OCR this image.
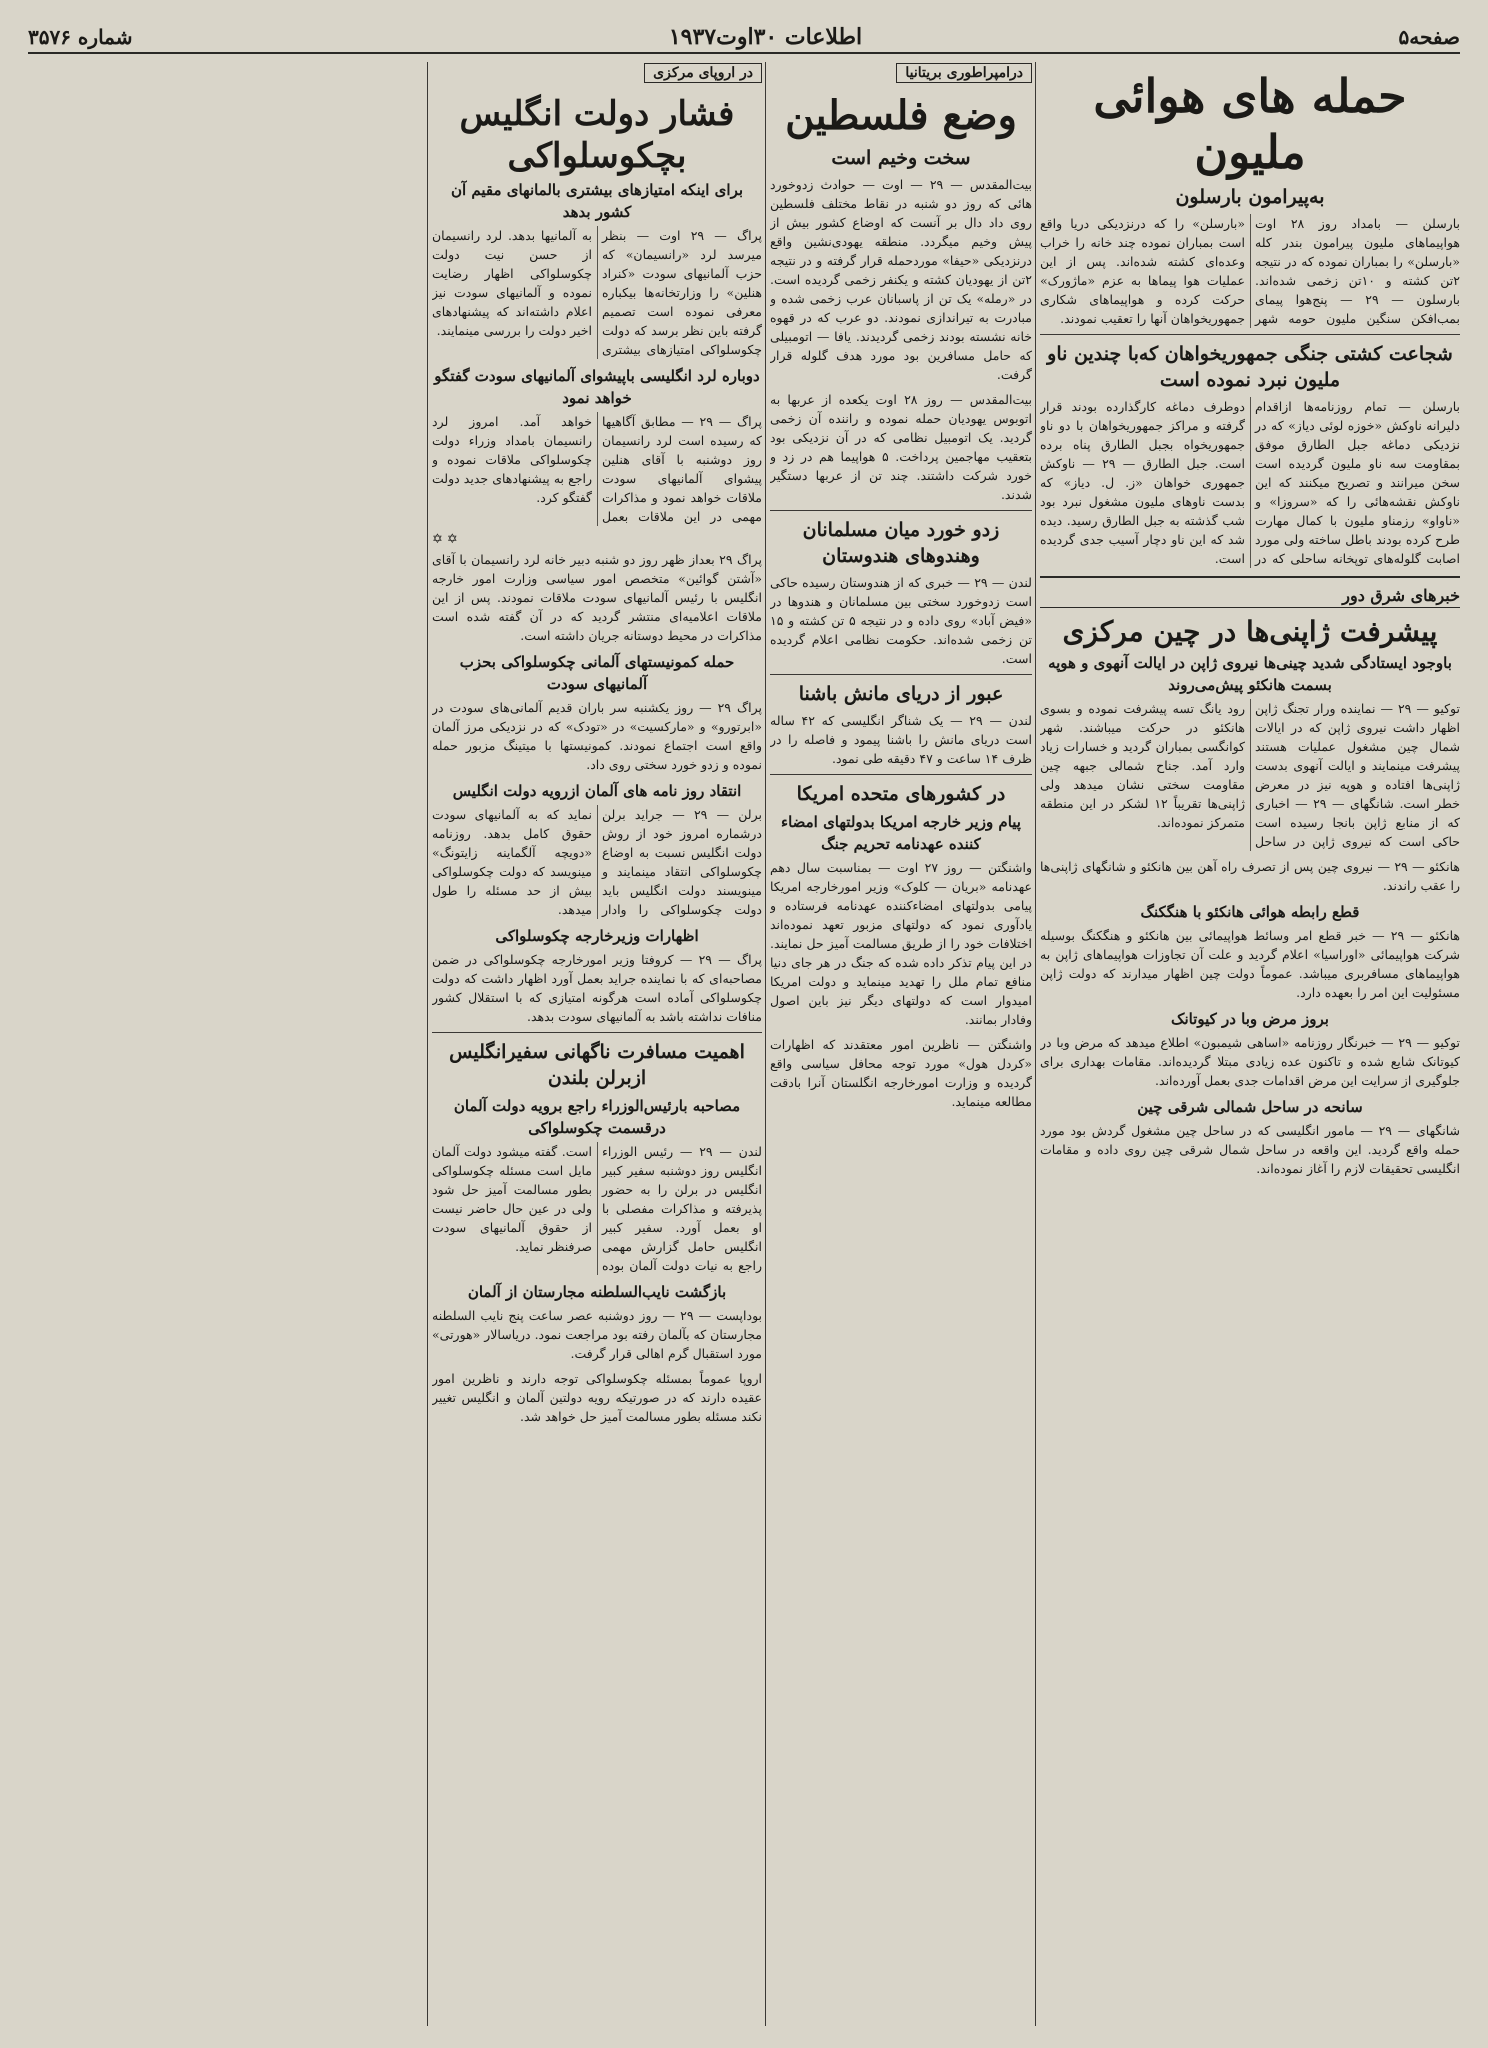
صفحه۵
اطلاعات ۳۰اوت۱۹۳۷
شماره ۳۵۷۶
حمله های هوائی ملیون
به‌پیرامون بارسلون
بارسلن — بامداد روز ۲۸ اوت هواپیماهای ملیون پیرامون بندر کله «بارسلن» را بمباران نموده که در نتیجه ۲تن کشته و ۱۰تن زخمی شده‌اند. بارسلون — ۲۹ — پنج‌هوا پیمای بمب‌افکن سنگین ملیون حومه شهر «بارسلن» را که درنزدیکی دریا واقع است بمباران نموده چند خانه را خراب وعده‌ای کشته شده‌اند. پس از این عملیات هوا پیماها به عزم «ماژورک» حرکت کرده و هواپیماهای شکاری جمهوریخواهان آنها را تعقیب نمودند.
شجاعت کشتی جنگی جمهوریخواهان که‌با چندین ناو ملیون نبرد نموده است
بارسلن — تمام روزنامه‌ها ازاقدام دلیرانه ناوکش «خوزه لوئی دیاز» که در نزدیکی دماغه جبل الطارق موفق بمقاومت سه ناو ملیون گردیده است سخن میرانند و تصریح میکنند که این ناوکش نقشه‌هائی را که «سروزا» و «ناواو» رزمناو ملیون با کمال مهارت طرح کرده بودند باطل ساخته ولی مورد اصابت گلوله‌های توپخانه ساحلی که در دوطرف دماغه کارگذارده بودند قرار گرفته و مراکز جمهوریخواهان با دو ناو جمهوریخواه بجبل الطارق پناه برده است. جبل الطارق — ۲۹ — ناوکش جمهوری خواهان «ز. ل. دیاز» که بدست ناوهای ملیون مشغول نبرد بود شب گذشته به جبل الطارق رسید. دیده شد که این ناو دچار آسیب جدی گردیده است.
خبرهای شرق دور
پیشرفت ژاپنی‌ها در چین مرکزی
باوجود ایستادگی شدید چینی‌ها نیروی ژاپن در ایالت آنهوی و هوپه بسمت هانکئو پیش‌می‌روند
توکیو — ۲۹ — نماینده ورار تجنگ ژاپن اظهار داشت نیروی ژاپن که در ایالات شمال چین مشغول عملیات هستند پیشرفت مینمایند و ایالت آنهوی بدست ژاپنی‌ها افتاده و هوپه نیز در معرض خطر است. شانگهای — ۲۹ — اخباری که از منابع ژاپن بانجا رسیده است حاکی است که نیروی ژاپن در ساحل رود یانگ تسه پیشرفت نموده و بسوی هانکئو در حرکت میباشند. شهر کوانگسی بمباران گردید و خسارات زیاد وارد آمد. جناح شمالی جبهه چین مقاومت سختی نشان میدهد ولی ژاپنی‌ها تقریباً ۱۲ لشکر در این منطقه متمرکز نموده‌اند.
هانکئو — ۲۹ — نیروی چین پس از تصرف راه آهن بین هانکئو و شانگهای ژاپنی‌ها را عقب راندند.
قطع رابطه هوائی هانکئو با هنگکنگ
هانکئو — ۲۹ — خبر قطع امر وسائط هواپیمائی بین هانکئو و هنگکنگ بوسیله شرکت هواپیمائی «اوراسیا» اعلام گردید و علت آن تجاوزات هواپیماهای ژاپن به هواپیماهای مسافربری میباشد. عموماً دولت چین اظهار میدارند که دولت ژاپن مسئولیت این امر را بعهده دارد.
بروز مرض وبا در کیوتانک
توکیو — ۲۹ — خبرنگار روزنامه «اساهی شیمبون» اطلاع میدهد که مرض وبا در کیوتانک شایع شده و تاکنون عده زیادی مبتلا گردیده‌اند. مقامات بهداری برای جلوگیری از سرایت این مرض اقدامات جدی بعمل آورده‌اند.
سانحه در ساحل شمالی شرقی چین
شانگهای — ۲۹ — مامور انگلیسی که در ساحل چین مشغول گردش بود مورد حمله واقع گردید. این واقعه در ساحل شمال شرقی چین روی داده و مقامات انگلیسی تحقیقات لازم را آغاز نموده‌اند.
درامپراطوری بریتانیا
وضع فلسطین
سخت وخیم است
بیت‌المقدس — ۲۹ — اوت — حوادث زدوخورد هائی که روز دو شنبه در نقاط مختلف فلسطین روی داد دال بر آنست که اوضاع کشور بیش از پیش وخیم میگردد. منطقه یهودی‌نشین واقع درنزدیکی «حیفا» موردحمله قرار گرفته و در نتیجه ۲تن از یهودیان کشته و یکنفر زخمی گردیده است. در «رمله» یک تن از پاسبانان عرب زخمی شده و مبادرت به تیراندازی نمودند. دو عرب که در قهوه خانه نشسته بودند زخمی گردیدند. یافا — اتومبیلی که حامل مسافرین بود مورد هدف گلوله قرار گرفت.
بیت‌المقدس — روز ۲۸ اوت یکعده از عربها به اتوبوس یهودیان حمله نموده و راننده آن زخمی گردید. یک اتومبیل نظامی که در آن نزدیکی بود بتعقیب مهاجمین پرداخت. ۵ هواپیما هم در زد و خورد شرکت داشتند. چند تن از عربها دستگیر شدند.
زدو خورد میان مسلمانان وهندوهای هندوستان
لندن — ۲۹ — خبری که از هندوستان رسیده حاکی است زدوخورد سختی بین مسلمانان و هندوها در «فیض آباد» روی داده و در نتیجه ۵ تن کشته و ۱۵ تن زخمی شده‌اند. حکومت نظامی اعلام گردیده است.
عبور از دریای مانش باشنا
لندن — ۲۹ — یک شناگر انگلیسی که ۴۲ ساله است دریای مانش را باشنا پیمود و فاصله را در ظرف ۱۴ ساعت و ۴۷ دقیقه طی نمود.
در کشورهای متحده امریکا
پیام وزیر خارجه امریکا بدولتهای امضاء کننده عهدنامه تحریم جنگ
واشنگتن — روز ۲۷ اوت — بمناسبت سال دهم عهدنامه «بریان — کلوک» وزیر امورخارجه امریکا پیامی بدولتهای امضاءکننده عهدنامه فرستاده و یادآوری نمود که دولتهای مزبور تعهد نموده‌اند اختلافات خود را از طریق مسالمت آمیز حل نمایند. در این پیام تذکر داده شده که جنگ در هر جای دنیا منافع تمام ملل را تهدید مینماید و دولت امریکا امیدوار است که دولتهای دیگر نیز باین اصول وفادار بمانند.
واشنگتن — ناظرین امور معتقدند که اظهارات «کردل هول» مورد توجه محافل سیاسی واقع گردیده و وزارت امورخارجه انگلستان آنرا بادقت مطالعه مینماید.
در اروپای مرکزی
فشار دولت انگلیس بچکوسلواکی
برای اینکه امتیازهای بیشتری بالمانهای مقیم آن کشور بدهد
پراگ — ۲۹ اوت — بنظر میرسد لرد «رانسیمان» که حزب آلمانیهای سودت «کنراد هنلین» را وزارتخانه‌ها بیکباره معرفی نموده است تصمیم گرفته باین نظر برسد که دولت چکوسلواکی امتیازهای بیشتری به آلمانیها بدهد. لرد رانسیمان از حسن نیت دولت چکوسلواکی اظهار رضایت نموده و آلمانیهای سودت نیز اعلام داشته‌اند که پیشنهادهای اخیر دولت را بررسی مینمایند.
دوباره لرد انگلیسی باپیشوای آلمانیهای سودت گفتگو خواهد نمود
پراگ — ۲۹ — مطابق آگاهیها که رسیده است لرد رانسیمان روز دوشنبه با آقای هنلین پیشوای آلمانیهای سودت ملاقات خواهد نمود و مذاکرات مهمی در این ملاقات بعمل خواهد آمد. امروز لرد رانسیمان بامداد وزراء دولت چکوسلواکی ملاقات نموده و راجع به پیشنهادهای جدید دولت گفتگو کرد.
✡✡
پراگ ۲۹ بعداز ظهر روز دو شنبه دبیر خانه لرد رانسیمان با آقای «آشتن گوائین» متخصص امور سیاسی وزارت امور خارجه انگلیس با رئیس آلمانیهای سودت ملاقات نمودند. پس از این ملاقات اعلامیه‌ای منتشر گردید که در آن گفته شده است مذاکرات در محیط دوستانه جریان داشته است.
حمله کمونیستهای آلمانی چکوسلواکی بحزب آلمانیهای سودت
پراگ ۲۹ — روز یکشنبه سر باران قدیم آلمانی‌های سودت در «ابرتورو» و «مارکسیت» در «تودک» که در نزدیکی مرز آلمان واقع است اجتماع نمودند. کمونیستها با میتینگ مزبور حمله نموده و زدو خورد سختی روی داد.
انتقاد روز نامه های آلمان ازرویه دولت انگلیس
برلن — ۲۹ — جراید برلن درشماره امروز خود از روش دولت انگلیس نسبت به اوضاع چکوسلواکی انتقاد مینمایند و مینویسند دولت انگلیس باید دولت چکوسلواکی را وادار نماید که به آلمانیهای سودت حقوق کامل بدهد. روزنامه «دویچه آلگماینه زایتونگ» مینویسد که دولت چکوسلواکی بیش از حد مسئله را طول میدهد.
اظهارات وزیرخارجه چکوسلواکی
پراگ — ۲۹ — کروفتا وزیر امورخارجه چکوسلواکی در ضمن مصاحبه‌ای که با نماینده جراید بعمل آورد اظهار داشت که دولت چکوسلواکی آماده است هرگونه امتیازی که با استقلال کشور منافات نداشته باشد به آلمانیهای سودت بدهد.
اهمیت مسافرت ناگهانی سفیرانگلیس ازبرلن بلندن
مصاحبه بارئیس‌الوزراء راجع برویه دولت آلمان درقسمت چکوسلواکی
لندن — ۲۹ — رئیس الوزراء انگلیس روز دوشنبه سفیر کبیر انگلیس در برلن را به حضور پذیرفته و مذاکرات مفصلی با او بعمل آورد. سفیر کبیر انگلیس حامل گزارش مهمی راجع به نیات دولت آلمان بوده است. گفته میشود دولت آلمان مایل است مسئله چکوسلواکی بطور مسالمت آمیز حل شود ولی در عین حال حاضر نیست از حقوق آلمانیهای سودت صرفنظر نماید.
بازگشت نایب‌السلطنه مجارستان از آلمان
بوداپست — ۲۹ — روز دوشنبه عصر ساعت پنج نایب السلطنه مجارستان که بآلمان رفته بود مراجعت نمود. دریاسالار «هورتی» مورد استقبال گرم اهالی قرار گرفت.
اروپا عموماً بمسئله چکوسلواکی توجه دارند و ناظرین امور عقیده دارند که در صورتیکه رویه دولتین آلمان و انگلیس تغییر نکند مسئله بطور مسالمت آمیز حل خواهد شد.
